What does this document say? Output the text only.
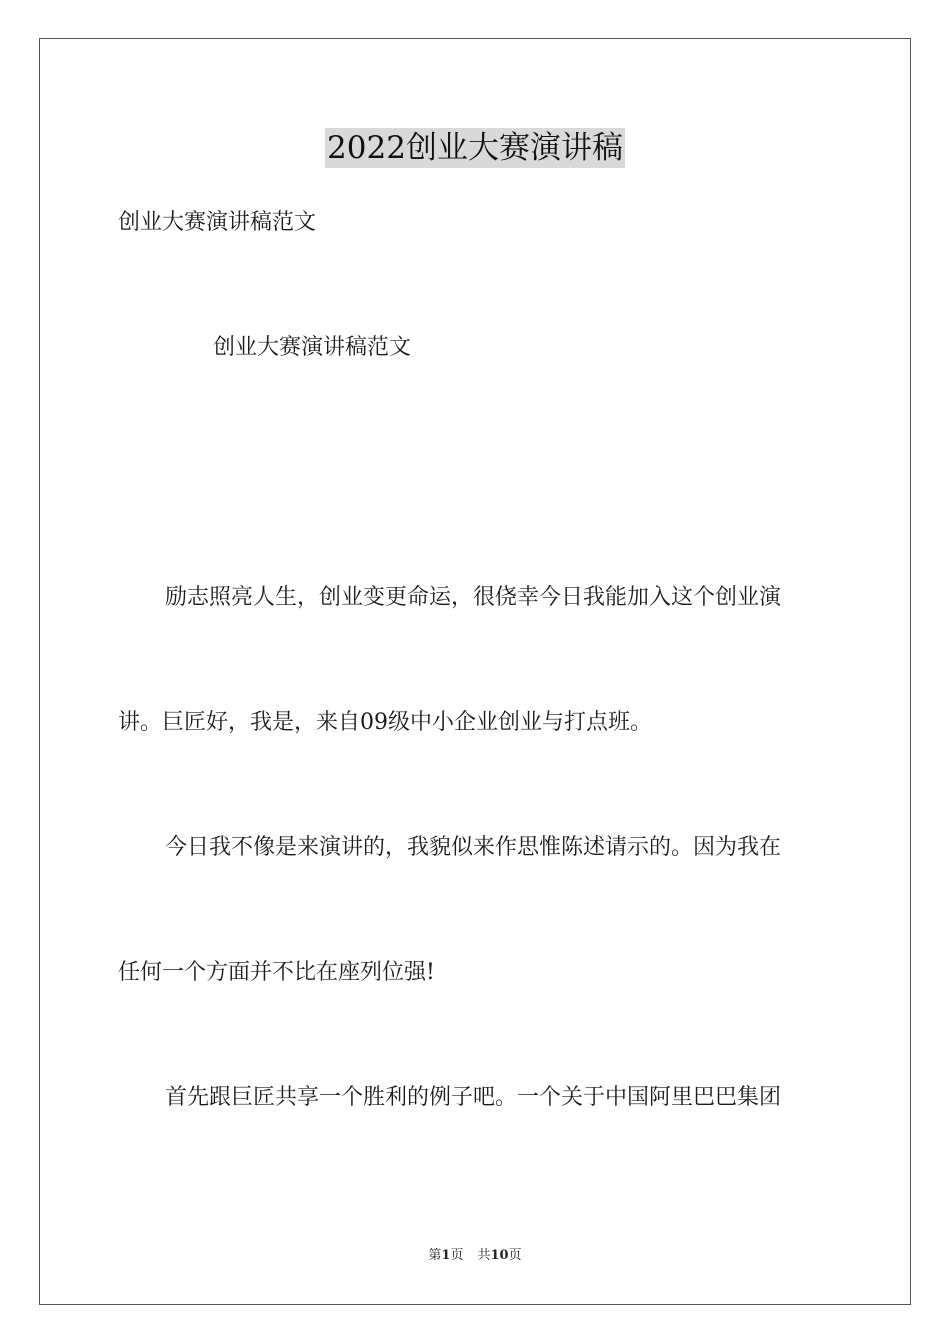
2022创业大赛演讲稿
创业大赛演讲稿范文
创业大赛演讲稿范文
励志照亮人生，创业变更命运，很侥幸今日我能加入这个创业演
讲。巨匠好，我是，来自09级中小企业创业与打点班。
今日我不像是来演讲的，我貌似来作思惟陈述请示的。因为我在
任何一个方面并不比在座列位强!
首先跟巨匠共享一个胜利的例子吧。一个关于中国阿里巴巴集团
第1页 共10页
